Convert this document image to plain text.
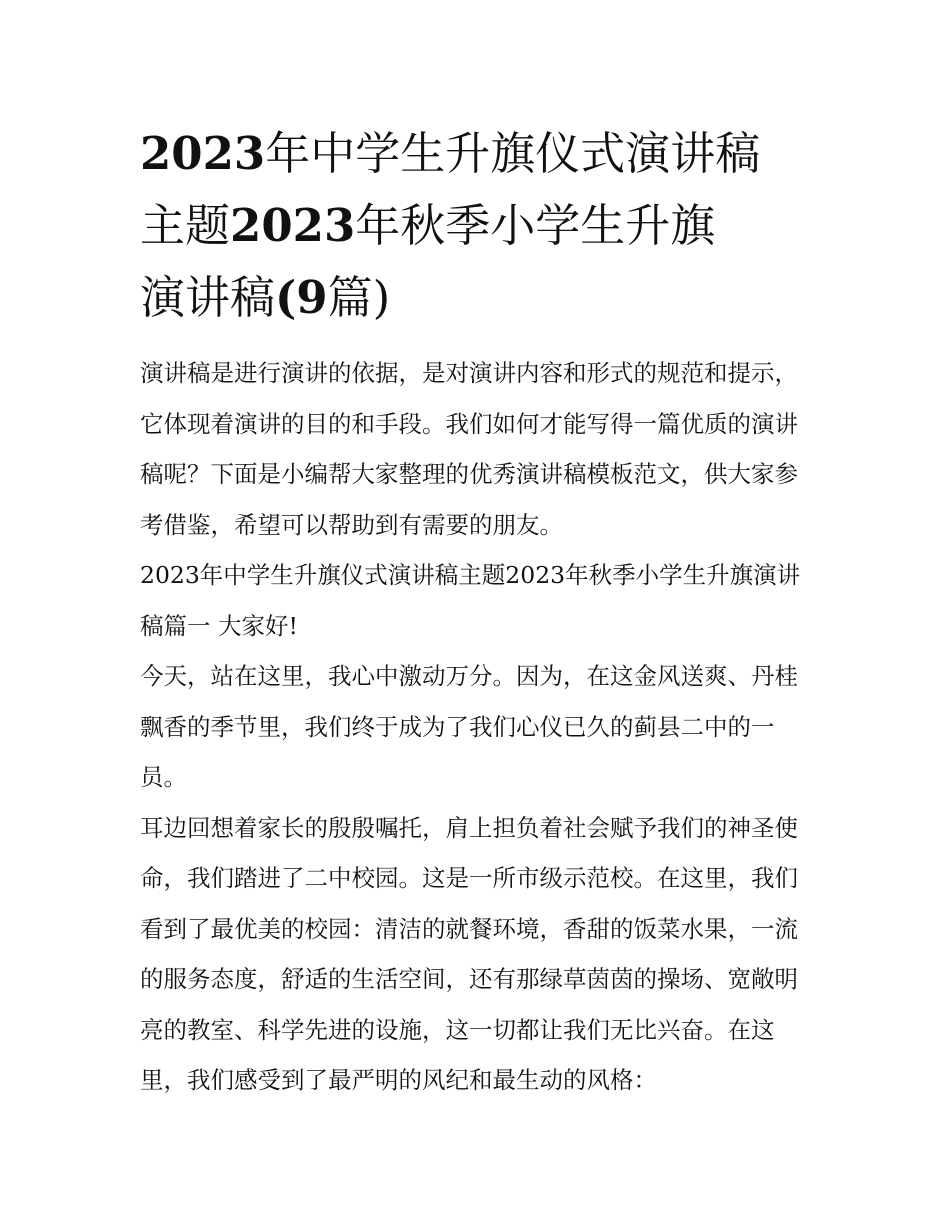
2023年中学生升旗仪式演讲稿
主题2023年秋季小学生升旗
演讲稿(9篇)

演讲稿是进行演讲的依据，是对演讲内容和形式的规范和提示，它体现着演讲的目的和手段。我们如何才能写得一篇优质的演讲稿呢？下面是小编帮大家整理的优秀演讲稿模板范文，供大家参考借鉴，希望可以帮助到有需要的朋友。

2023年中学生升旗仪式演讲稿主题2023年秋季小学生升旗演讲稿篇一 大家好!

今天，站在这里，我心中激动万分。因为，在这金风送爽、丹桂飘香的季节里，我们终于成为了我们心仪已久的蓟县二中的一员。

耳边回想着家长的殷殷嘱托，肩上担负着社会赋予我们的神圣使命，我们踏进了二中校园。这是一所市级示范校。在这里，我们看到了最优美的校园：清洁的就餐环境，香甜的饭菜水果，一流的服务态度，舒适的生活空间，还有那绿草茵茵的操场、宽敞明亮的教室、科学先进的设施，这一切都让我们无比兴奋。在这里，我们感受到了最严明的风纪和最生动的风格：
